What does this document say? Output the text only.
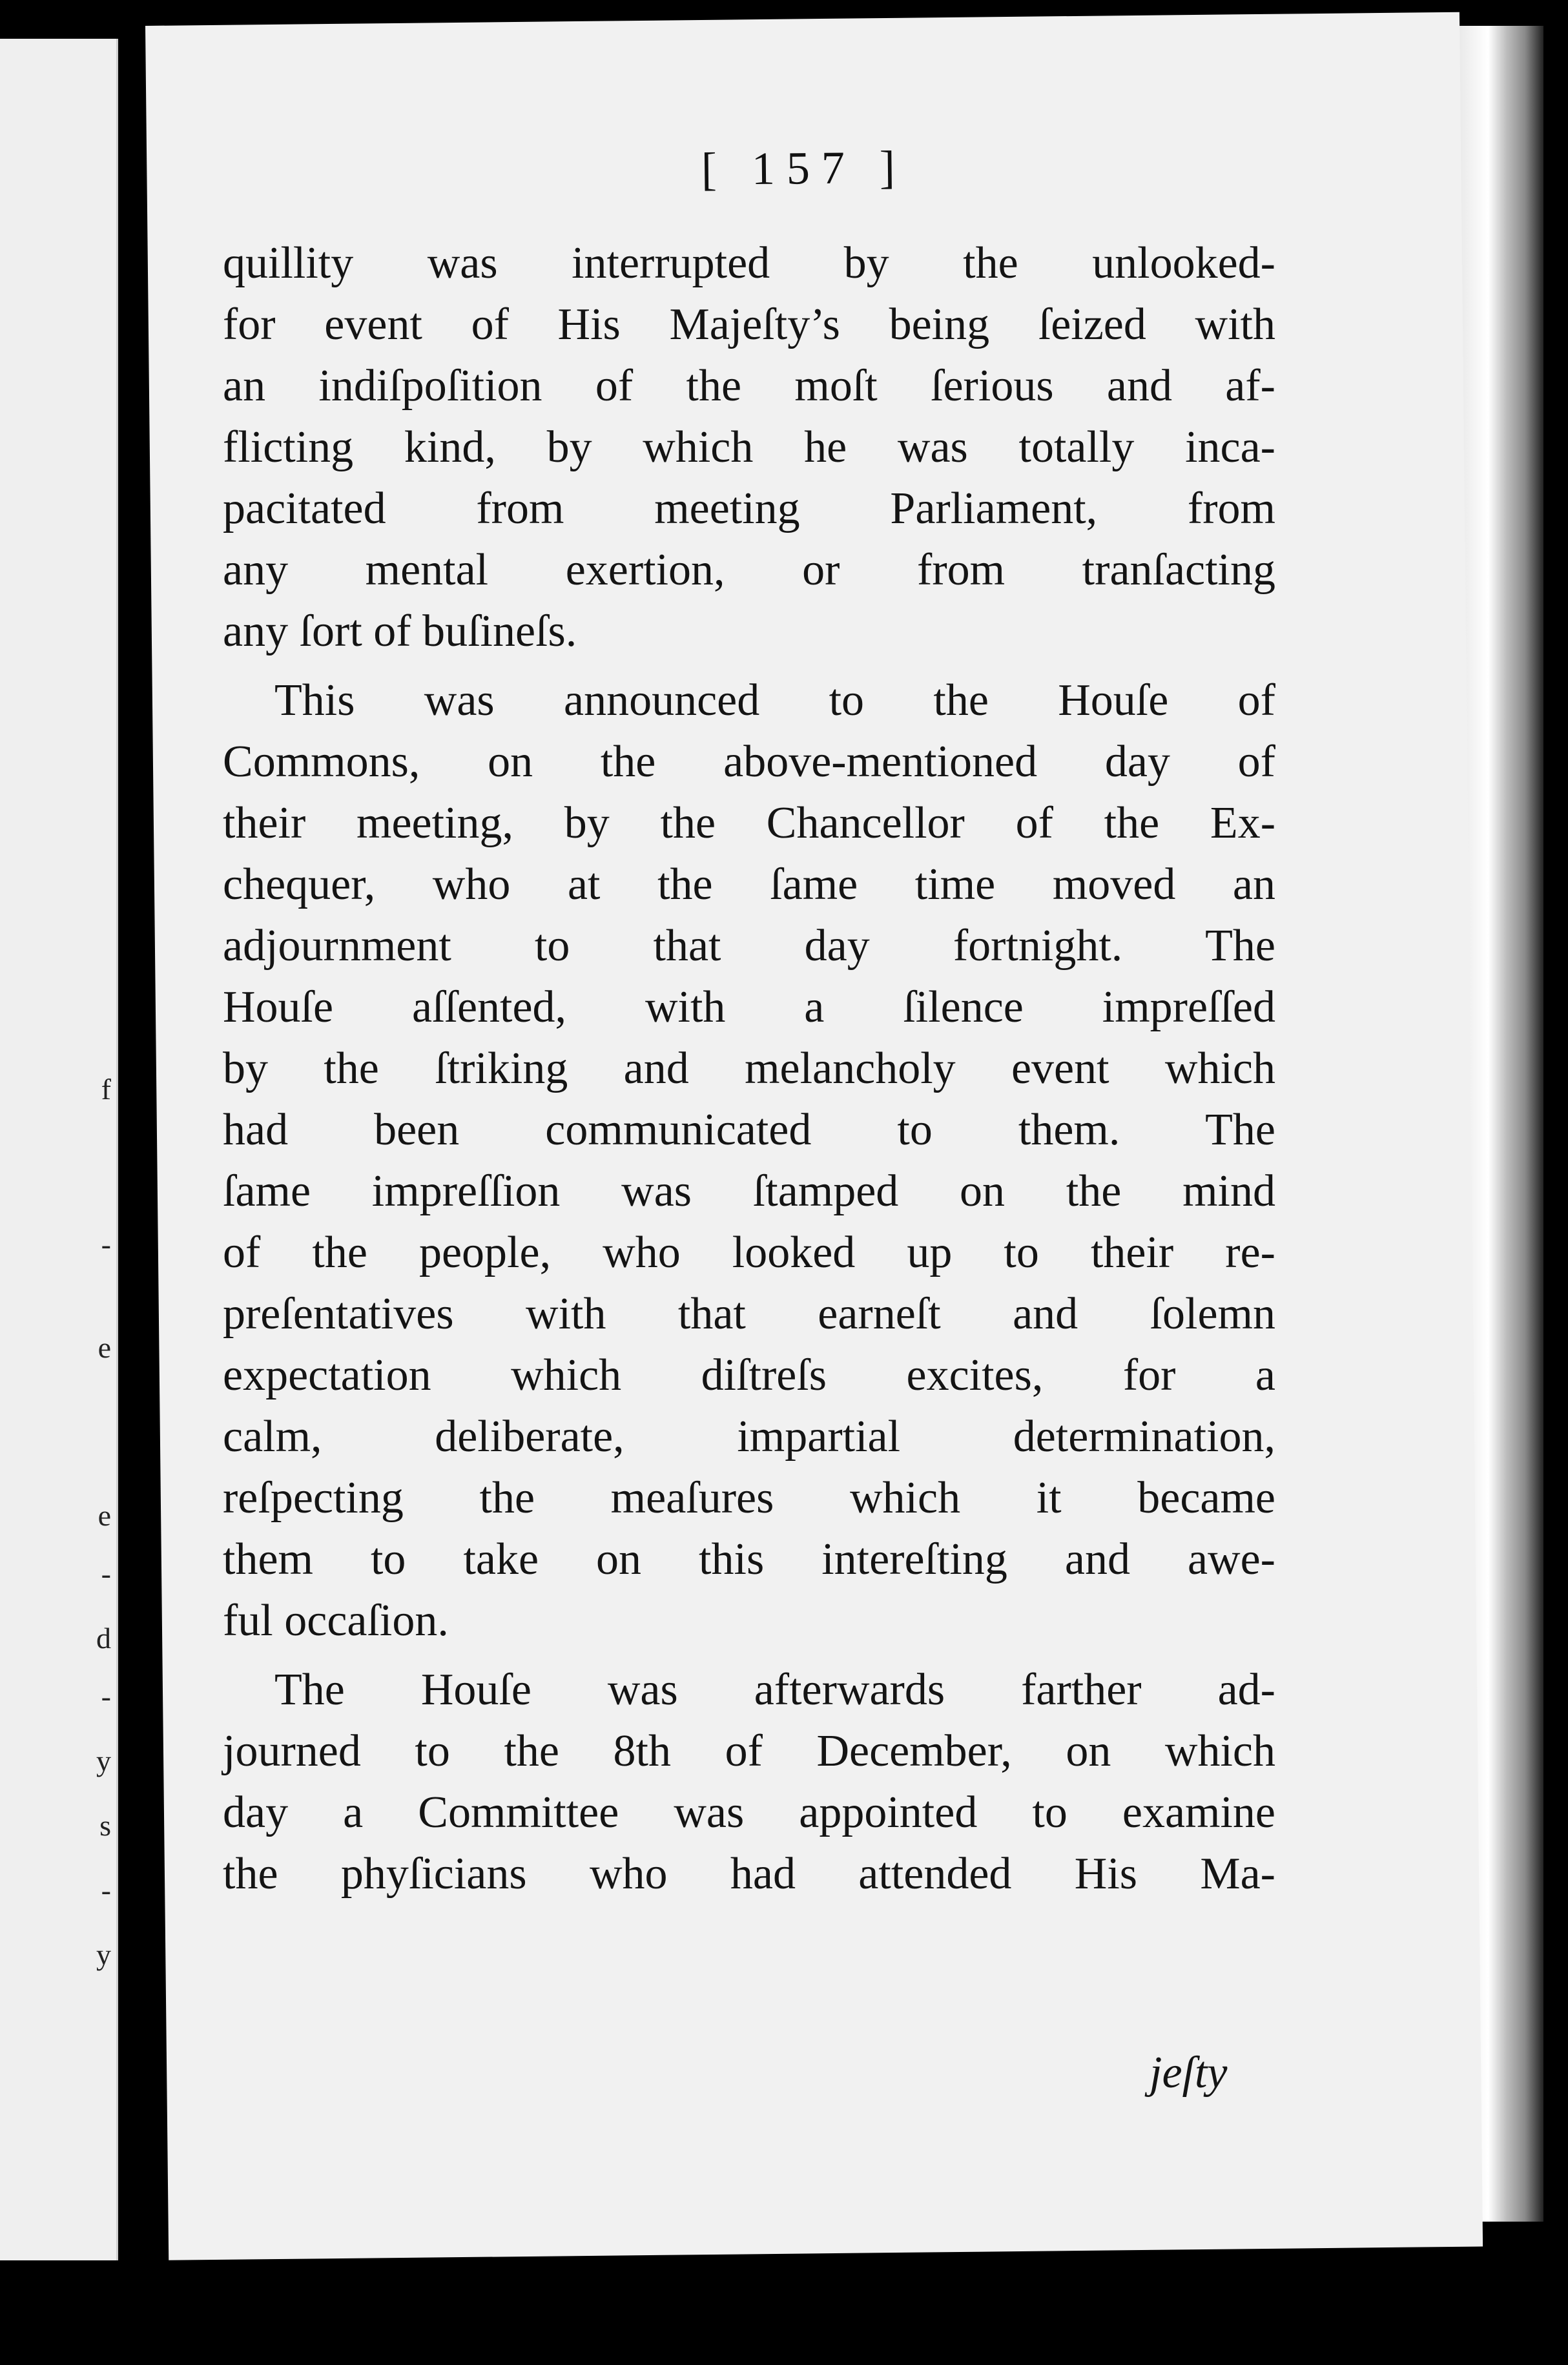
f
-
e
e
-
d
-
y
s
-
y
[ 157 ]
quillity was interrupted by the unlooked-
for event of His Majeſty’s being ſeized with
an indiſpoſition of the moſt ſerious and af-
flicting kind, by which he was totally inca-
pacitated from meeting Parliament, from
any mental exertion, or from tranſacting
any ſort of buſineſs.
This was announced to the Houſe of
Commons, on the above-mentioned day of
their meeting, by the Chancellor of the Ex-
chequer, who at the ſame time moved an
adjournment to that day fortnight. The
Houſe aſſented, with a ſilence impreſſed
by the ſtriking and melancholy event which
had been communicated to them. The
ſame impreſſion was ſtamped on the mind
of the people, who looked up to their re-
preſentatives with that earneſt and ſolemn
expectation which diſtreſs excites, for a
calm, deliberate, impartial determination,
reſpecting the meaſures which it became
them to take on this intereſting and awe-
ful occaſion.
The Houſe was afterwards farther ad-
journed to the 8th of December, on which
day a Committee was appointed to examine
the phyſicians who had attended His Ma-
jeſty
